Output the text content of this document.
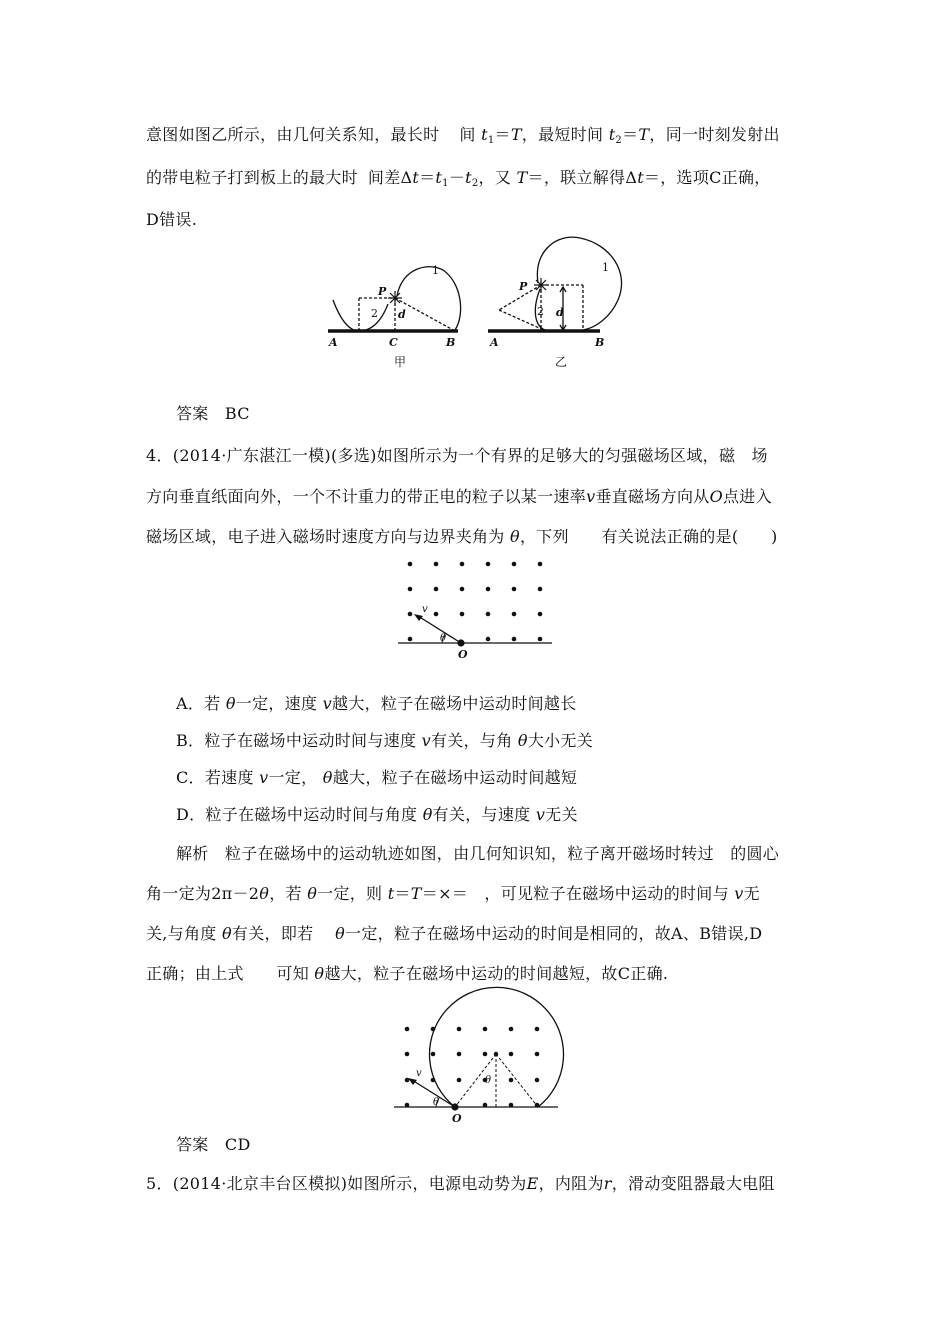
意图如图乙所示，由几何关系知，最长时 间 $t_1=T$，最短时间 $t_2=T$，同一时刻发射出
的带电粒子打到板上的最大时 间差$\Delta t=t_1-t_2$，又 T＝，联立解得Δt＝，选项C正确，
D错误.
P
d
A	C	B
1
2
甲
P
d
A	B
1
2
乙
答案　BC
4．(2014·广东湛江一模)(多选)如图所示为一个有界的足够大的匀强磁场区域，磁　场
方向垂直纸面向外，一个不计重力的带正电的粒子以某一速率v垂直磁场方向从O点进入
磁场区域，电子进入磁场时速度方向与边界夹角为 θ，下列　　有关说法正确的是(　　)
v
θ
O
A．若 θ一定，速度 v越大，粒子在磁场中运动时间越长
B．粒子在磁场中运动时间与速度 v有关，与角 θ大小无关
C．若速度 v一定， θ越大，粒子在磁场中运动时间越短
D．粒子在磁场中运动时间与角度 θ有关，与速度 v无关
解析　粒子在磁场中的运动轨迹如图，由几何知识知，粒子离开磁场时转过　的圆心
角一定为2π－2θ，若 θ一定，则 t＝T＝×＝　，可见粒子在磁场中运动的时间与 v无
关,与角度 θ有关，即若　 θ一定，粒子在磁场中运动的时间是相同的，故A、B错误,D
正确；由上式　　可知 θ越大，粒子在磁场中运动的时间越短，故C正确.
v
θ
θ
O
答案　CD
5．(2014·北京丰台区模拟)如图所示，电源电动势为E，内阻为r，滑动变阻器最大电阻
